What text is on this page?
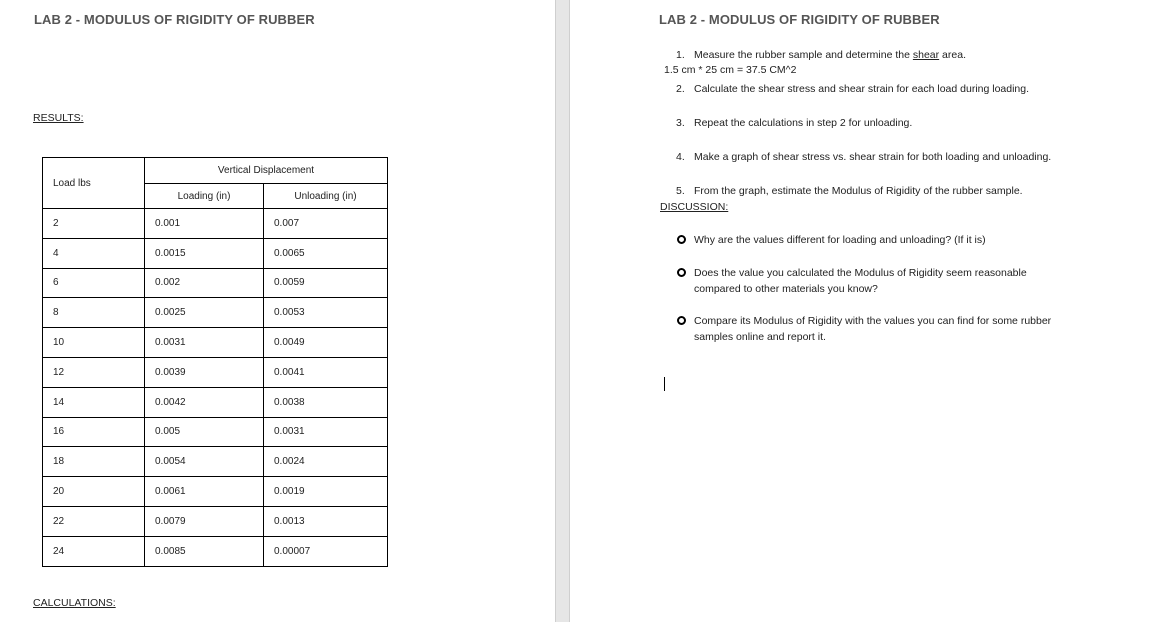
LAB 2 - MODULUS OF RIGIDITY OF RUBBER
RESULTS:
Load lbs	Vertical Displacement	
	Loading (in)	Unloading (in)
2	0.001	0.007
4	0.0015	0.0065
6	0.002	0.0059
8	0.0025	0.0053
10	0.0031	0.0049
12	0.0039	0.0041
14	0.0042	0.0038
16	0.005	0.0031
18	0.0054	0.0024
20	0.0061	0.0019
22	0.0079	0.0013
24	0.0085	0.00007
CALCULATIONS:
LAB 2 - MODULUS OF RIGIDITY OF RUBBER
1. Measure the rubber sample and determine the shear area.
1.5 cm * 25 cm = 37.5 CM^2
2. Calculate the shear stress and shear strain for each load during loading.
3. Repeat the calculations in step 2 for unloading.
4. Make a graph of shear stress vs. shear strain for both loading and unloading.
5. From the graph, estimate the Modulus of Rigidity of the rubber sample.
DISCUSSION:
Why are the values different for loading and unloading? (If it is)
Does the value you calculated the Modulus of Rigidity seem reasonable
compared to other materials you know?
Compare its Modulus of Rigidity with the values you can find for some rubber
samples online and report it.
